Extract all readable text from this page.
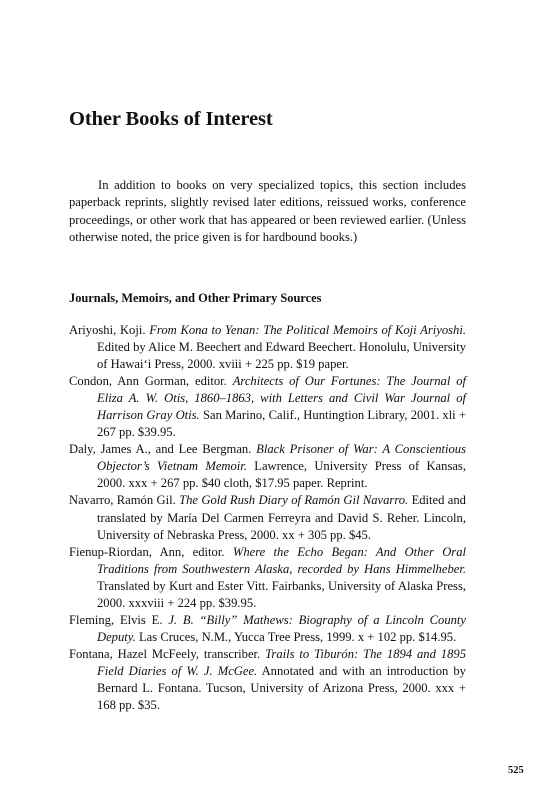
Other Books of Interest

In addition to books on very specialized topics, this section includes paperback reprints, slightly revised later editions, reissued works, conference proceedings, or other work that has appeared or been reviewed earlier. (Unless otherwise noted, the price given is for hardbound books.)

Journals, Memoirs, and Other Primary Sources
Ariyoshi, Koji. From Kona to Yenan: The Political Memoirs of Koji Ariyoshi. Edited by Alice M. Beechert and Edward Beechert. Honolulu, University of Hawai‘i Press, 2000. xviii + 225 pp. $19 paper.
Condon, Ann Gorman, editor. Architects of Our Fortunes: The Journal of Eliza A. W. Otis, 1860–1863, with Letters and Civil War Journal of Harrison Gray Otis. San Marino, Calif., Huntingtion Library, 2001. xli + 267 pp. $39.95.
Daly, James A., and Lee Bergman. Black Prisoner of War: A Conscientious Objector’s Vietnam Memoir. Lawrence, University Press of Kansas, 2000. xxx + 267 pp. $40 cloth, $17.95 paper. Reprint.
Navarro, Ramón Gil. The Gold Rush Diary of Ramón Gil Navarro. Edited and translated by María Del Carmen Ferreyra and David S. Reher. Lincoln, University of Nebraska Press, 2000. xx + 305 pp. $45.
Fienup-Riordan, Ann, editor. Where the Echo Began: And Other Oral Traditions from Southwestern Alaska, recorded by Hans Himmelheber. Translated by Kurt and Ester Vitt. Fairbanks, University of Alaska Press, 2000. xxxviii + 224 pp. $39.95.
Fleming, Elvis E. J. B. “Billy” Mathews: Biography of a Lincoln County Deputy. Las Cruces, N.M., Yucca Tree Press, 1999. x + 102 pp. $14.95.
Fontana, Hazel McFeely, transcriber. Trails to Tiburón: The 1894 and 1895 Field Diaries of W. J. McGee. Annotated and with an introduction by Bernard L. Fontana. Tucson, University of Arizona Press, 2000. xxx + 168 pp. $35.
525
